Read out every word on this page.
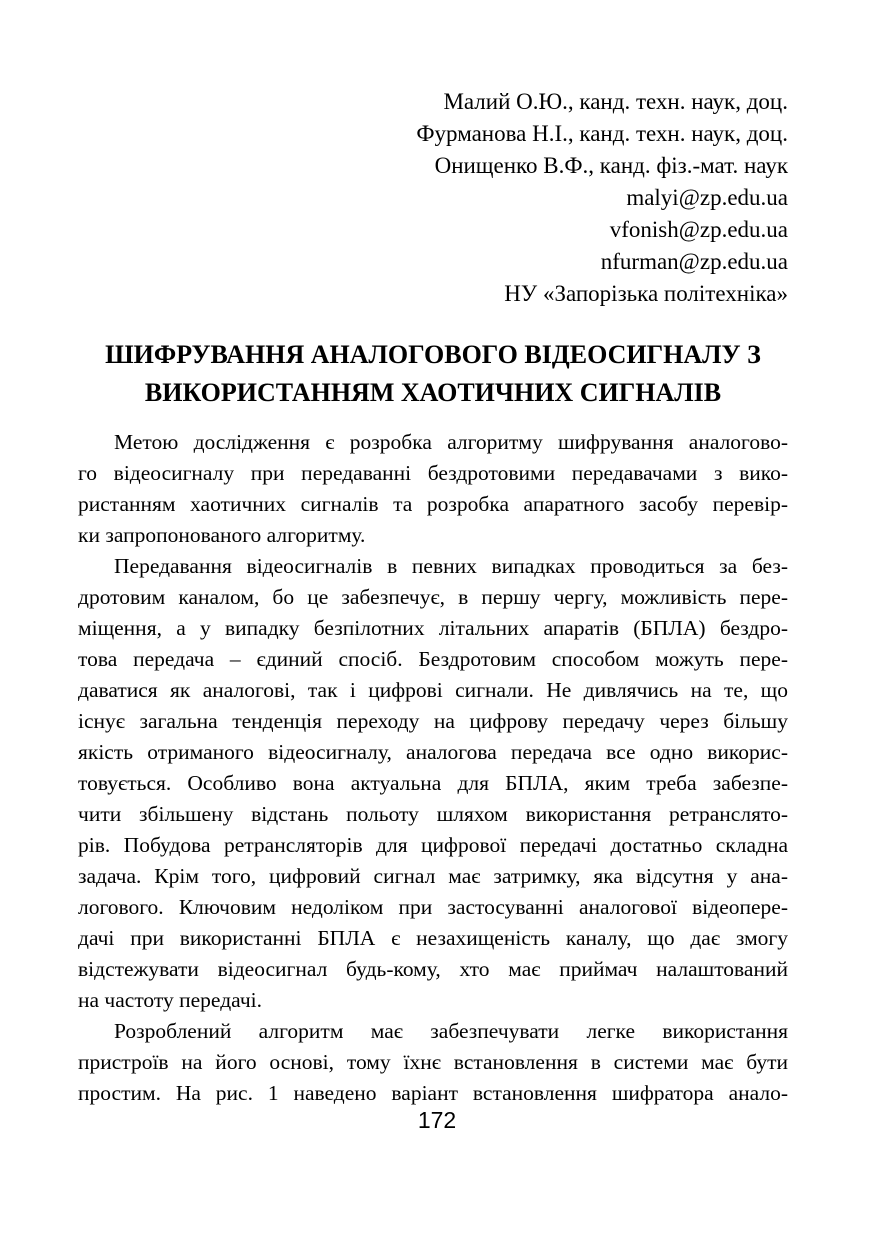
Малий О.Ю., канд. техн. наук, доц.
Фурманова Н.І., канд. техн. наук, доц.
Онищенко В.Ф., канд. фіз.-мат. наук
malyi@zp.edu.ua
vfonish@zp.edu.ua
nfurman@zp.edu.ua
НУ «Запорізька політехніка»
ШИФРУВАННЯ АНАЛОГОВОГО ВІДЕОСИГНАЛУ З
ВИКОРИСТАННЯМ ХАОТИЧНИХ СИГНАЛІВ
Метою дослідження є розробка алгоритму шифрування аналогово-
го відеосигналу при передаванні бездротовими передавачами з вико-
ристанням хаотичних сигналів та розробка апаратного засобу перевір-
ки запропонованого алгоритму.
Передавання відеосигналів в певних випадках проводиться за без-
дротовим каналом, бо це забезпечує, в першу чергу, можливість пере-
міщення, а у випадку безпілотних літальних апаратів (БПЛА) бездро-
това передача – єдиний спосіб. Бездротовим способом можуть пере-
даватися як аналогові, так і цифрові сигнали. Не дивлячись на те, що
існує загальна тенденція переходу на цифрову передачу через більшу
якість отриманого відеосигналу, аналогова передача все одно викорис-
товується. Особливо вона актуальна для БПЛА, яким треба забезпе-
чити збільшену відстань польоту шляхом використання ретранслято-
рів. Побудова ретрансляторів для цифрової передачі достатньо складна
задача. Крім того, цифровий сигнал має затримку, яка відсутня у ана-
логового. Ключовим недоліком при застосуванні аналогової відеопере-
дачі при використанні БПЛА є незахищеність каналу, що дає змогу
відстежувати відеосигнал будь-кому, хто має приймач налаштований
на частоту передачі.
Розроблений алгоритм має забезпечувати легке використання
пристроїв на його основі, тому їхнє встановлення в системи має бути
простим. На рис. 1 наведено варіант встановлення шифратора анало-
172
